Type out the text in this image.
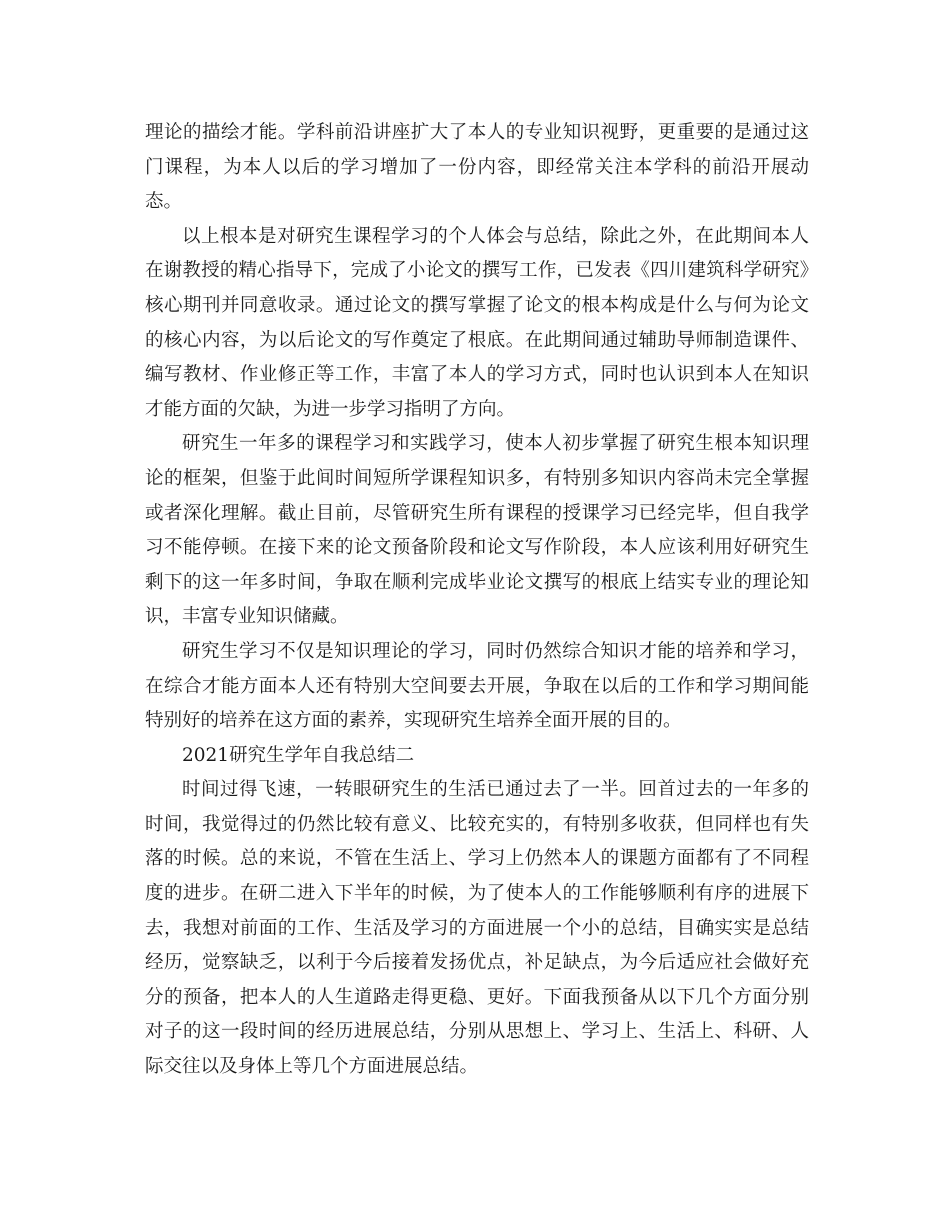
理论的描绘才能。学科前沿讲座扩大了本人的专业知识视野，更重要的是通过这门课程，为本人以后的学习增加了一份内容，即经常关注本学科的前沿开展动态。

以上根本是对研究生课程学习的个人体会与总结，除此之外，在此期间本人在谢教授的精心指导下，完成了小论文的撰写工作，已发表《四川建筑科学研究》核心期刊并同意收录。通过论文的撰写掌握了论文的根本构成是什么与何为论文的核心内容，为以后论文的写作奠定了根底。在此期间通过辅助导师制造课件、编写教材、作业修正等工作，丰富了本人的学习方式，同时也认识到本人在知识才能方面的欠缺，为进一步学习指明了方向。

研究生一年多的课程学习和实践学习，使本人初步掌握了研究生根本知识理论的框架，但鉴于此间时间短所学课程知识多，有特别多知识内容尚未完全掌握或者深化理解。截止目前，尽管研究生所有课程的授课学习已经完毕，但自我学习不能停顿。在接下来的论文预备阶段和论文写作阶段，本人应该利用好研究生剩下的这一年多时间，争取在顺利完成毕业论文撰写的根底上结实专业的理论知识，丰富专业知识储藏。

研究生学习不仅是知识理论的学习，同时仍然综合知识才能的培养和学习，在综合才能方面本人还有特别大空间要去开展，争取在以后的工作和学习期间能特别好的培养在这方面的素养，实现研究生培养全面开展的目的。

2021研究生学年自我总结二

时间过得飞速，一转眼研究生的生活已通过去了一半。回首过去的一年多的时间，我觉得过的仍然比较有意义、比较充实的，有特别多收获，但同样也有失落的时候。总的来说，不管在生活上、学习上仍然本人的课题方面都有了不同程度的进步。在研二进入下半年的时候，为了使本人的工作能够顺利有序的进展下去，我想对前面的工作、生活及学习的方面进展一个小的总结，目确实实是总结经历，觉察缺乏，以利于今后接着发扬优点，补足缺点，为今后适应社会做好充分的预备，把本人的人生道路走得更稳、更好。下面我预备从以下几个方面分别对子的这一段时间的经历进展总结，分别从思想上、学习上、生活上、科研、人际交往以及身体上等几个方面进展总结。
